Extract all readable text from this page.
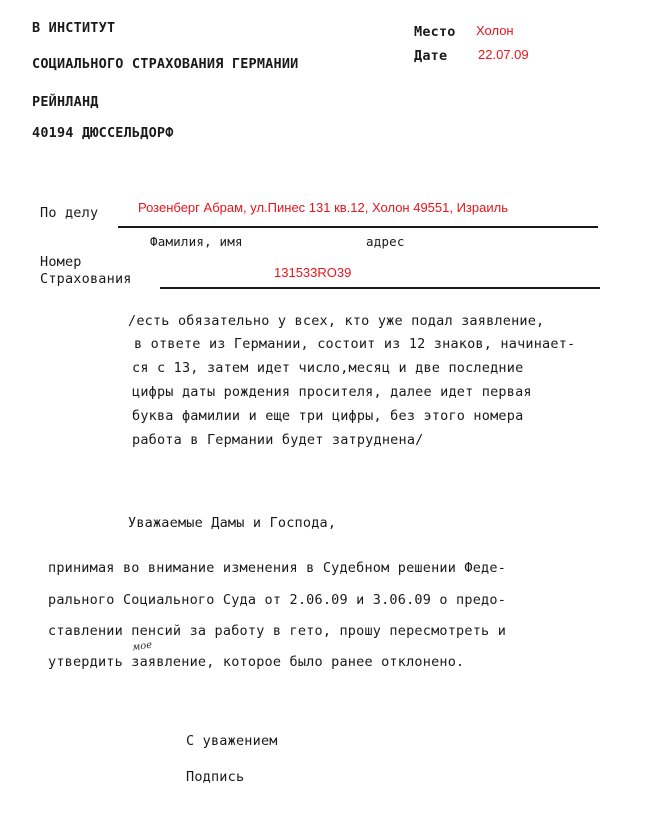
В ИНСТИТУТ
СОЦИАЛЬНОГО СТРАХОВАНИЯ ГЕРМАНИИ
РЕЙНЛАНД
40194 ДЮССЕЛЬДОРФ
Место Холон
Дате 22.07.09
По делу	Розенберг Абрам, ул.Пинес 131 кв.12, Холон 49551, Израиль
Фамилия, имя	адрес
Номер
Страхования	131533RO39
/есть обязательно у всех, кто уже подал заявление,
в ответе из Германии, состоит из 12 знаков, начинает-
ся с 13, затем идет число,месяц и две последние
цифры даты рождения просителя, далее идет первая
буква фамилии и еще три цифры, без этого номера
работа в Германии будет затруднена/
Уважаемые Дамы и Господа,
принимая во внимание изменения в Судебном решении Феде-
рального Социального Суда от 2.06.09 и 3.06.09 о предо-
ставлении пенсий за работу в гето, прошу пересмотреть и
утвердить заявление, которое было ранее отклонено.
мое
С уважением
Подпись
